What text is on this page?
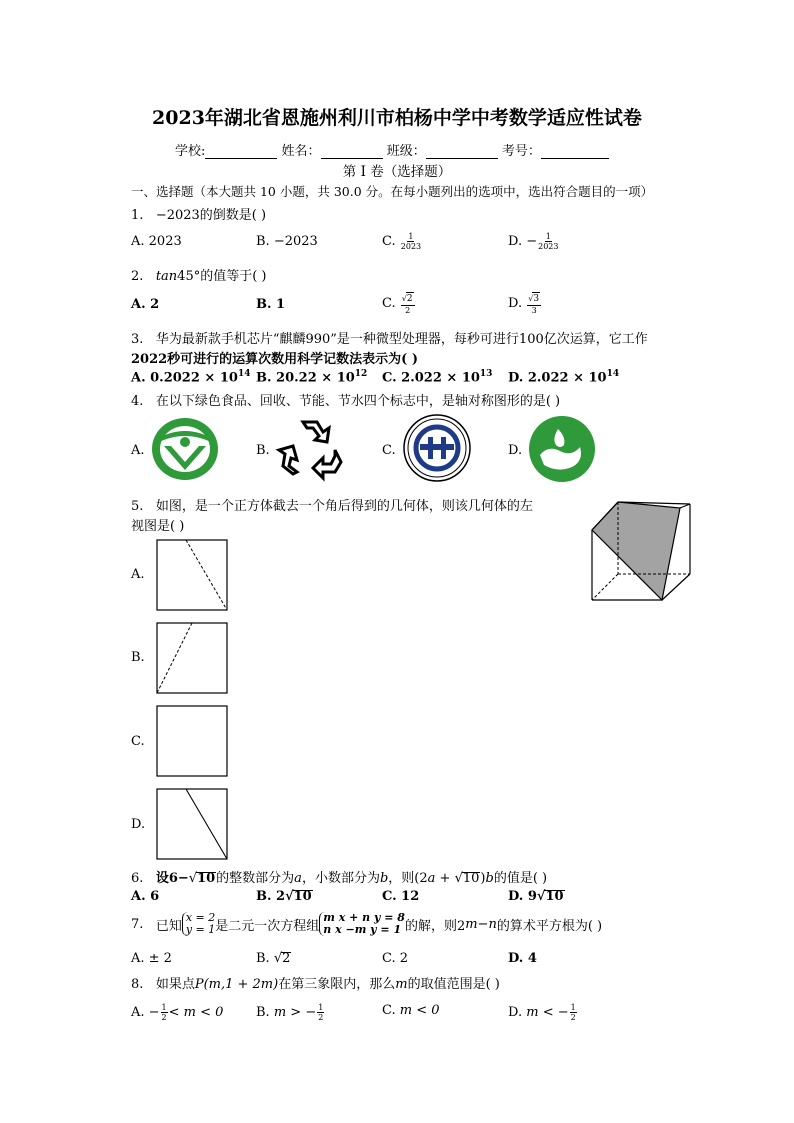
2023年湖北省恩施州利川市柏杨中学中考数学适应性试卷
学校:	姓名：	班级：	考号：
第 I 卷（选择题）
一、选择题（本大题共 10 小题，共 30.0 分。在每小题列出的选项中，选出符合题目的一项）
1. −2023的倒数是( )
A. 2023	B. −2023	C. $\frac{1}{2023}$	D. − $\frac{1}{2023}$
2. tan45°的值等于( )
A. 2	B. 1	C. $\frac{√2}{2}$	D. $\frac{√3}{3}$
3. 华为最新款手机芯片“麒麟990”是一种微型处理器，每秒可进行100亿次运算，它工作
2022秒可进行的运算次数用科学记数法表示为( )
A. $0.2022 \times 10^{14}$ B. $20.22 \times 10^{12}$ C. $2.022 \times 10^{13}$ D. $2.022 \times 10^{14}$
4. 在以下绿色食品、回收、节能、节水四个标志中，是轴对称图形的是( )
A.	B.	C.	D.
5. 如图，是一个正方体截去一个角后得到的几何体，则该几何体的左
视图是( )
A.
B.
C.
D.
6. 设6−√10的整数部分为a，小数部分为b，则(2a + √10)b的值是( )
A. 6	B. 2√10	C. 12	D. 9√10
7.
已知
x = 2
y = 1 是二元一次方程组
m x + n y = 8
n x −m y = 1 的解，则2 m − n 的算术平方根为( )
A. ± 2	B. √2	C. 2	D. 4
8. 如果点P(m,1 + 2m)在第三象限内，那么m的取值范围是( )
A. − $\frac{1}{2} < m < 0$	B. m > − $\frac{1}{2}$	C. m < 0	D. m < − $\frac{1}{2}$
